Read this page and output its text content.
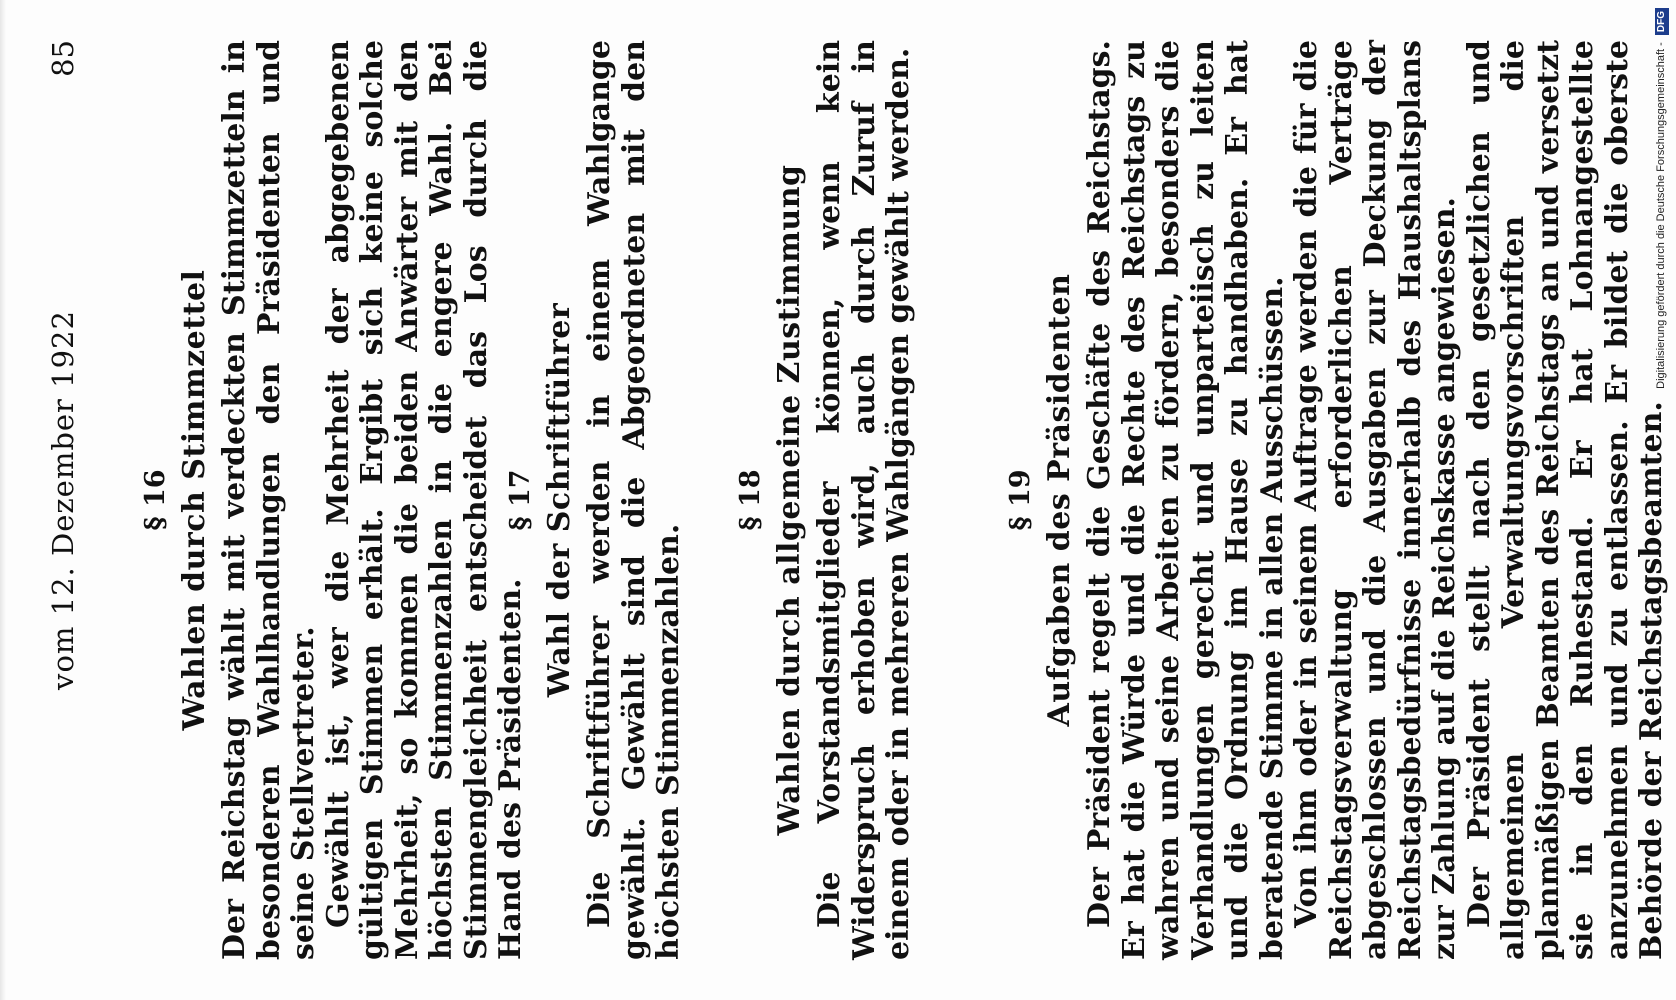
vom 12. Dezember 1922
85
§ 16 Wahlen durch Stimmzettel Der Reichstag wählt mit verdeckten Stimmzetteln in besonderen Wahlhandlungen den Präsidenten und seine Stellvertreter. Gewählt ist, wer die Mehrheit der abgegebenen gültigen Stimmen erhält. Ergibt sich keine solche Mehrheit, so kommen die beiden Anwärter mit den höchsten Stimmenzahlen in die engere Wahl. Bei Stimmengleichheit entscheidet das Los durch die Hand des Präsidenten.

§ 17 Wahl der Schriftführer Die Schriftführer werden in einem Wahlgange gewählt. Gewählt sind die Abgeordneten mit den höchsten Stimmenzahlen.

§ 18 Wahlen durch allgemeine Zustimmung Die Vorstandsmitglieder können, wenn kein Widerspruch erhoben wird, auch durch Zuruf in einem oder in mehreren Wahlgängen gewählt werden.	§ 19 Aufgaben des Präsidenten Der Präsident regelt die Geschäfte des Reichstags. Er hat die Würde und die Rechte des Reichstags zu wahren und seine Arbeiten zu fördern, besonders die Verhandlungen gerecht und unparteiisch zu leiten und die Ordnung im Hause zu handhaben. Er hat beratende Stimme in allen Ausschüssen. Von ihm oder in seinem Auftrage werden die für die Reichstagsverwaltung erforderlichen Verträge abgeschlossen und die Ausgaben zur Deckung der Reichstagsbedürfnisse innerhalb des Haushaltsplans zur Zahlung auf die Reichskasse angewiesen. Der Präsident stellt nach den gesetzlichen und allgemeinen Verwaltungsvorschriften die planmäßigen Beamten des Reichstags an und versetzt sie in den Ruhestand. Er hat Lohnangestellte anzunehmen und zu entlassen. Er bildet die oberste Behörde der Reichstagsbeamten.

Digitalisierung gefördert durch die Deutsche Forschungsgemeinschaft - DFG
